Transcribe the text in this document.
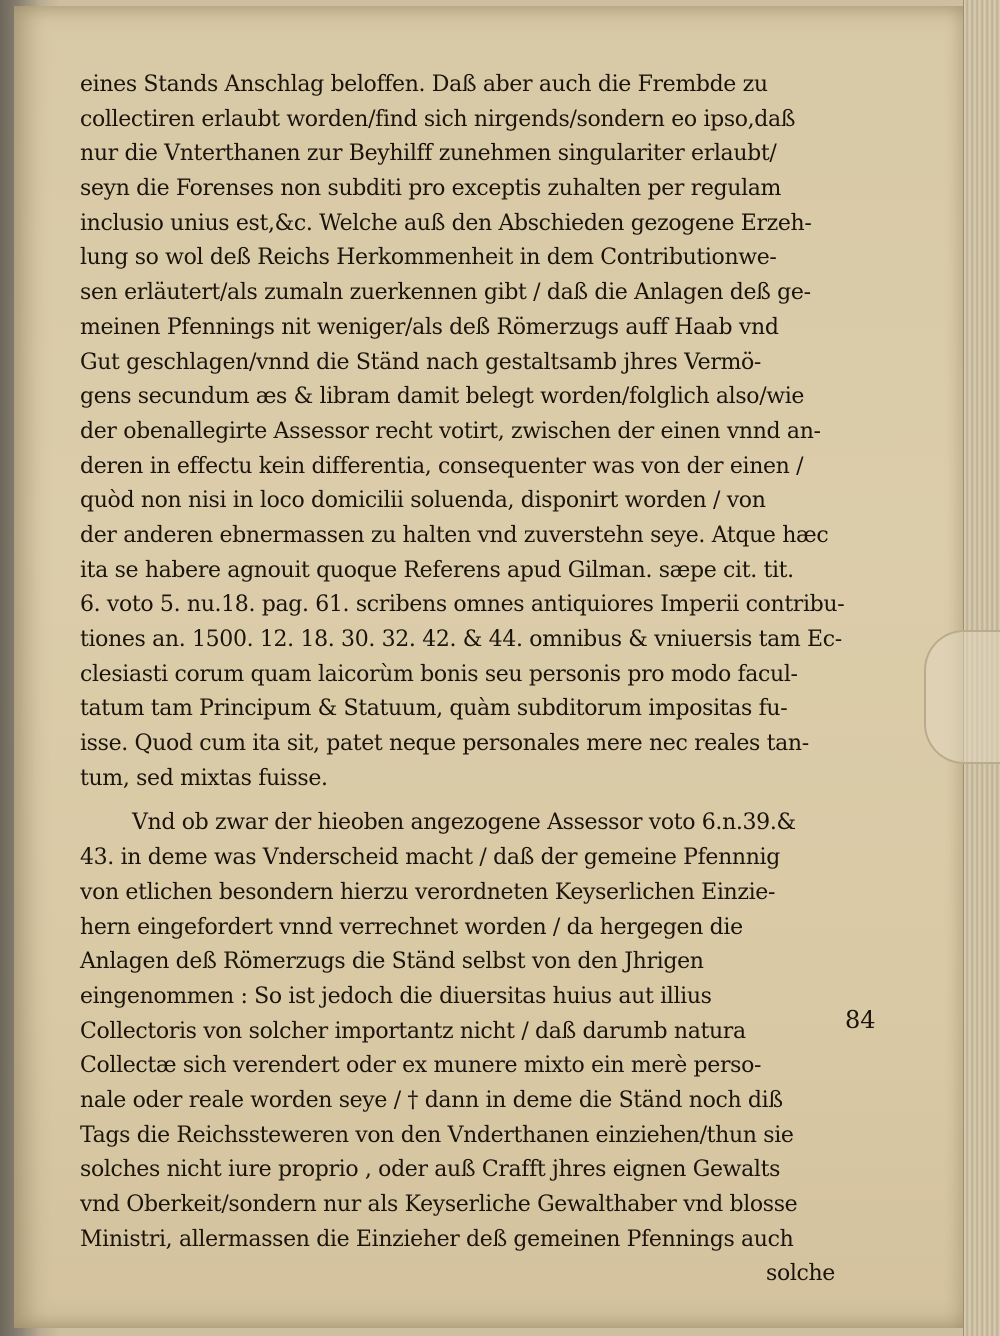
eines Stands Anschlag beloffen. Daß aber auch die Frembde zu
collectiren erlaubt worden/find sich nirgends/sondern eo ipso,daß
nur die Vnterthanen zur Beyhilff zunehmen singulariter erlaubt/
seyn die Forenses non subditi pro exceptis zuhalten per regulam
inclusio unius est,&c. Welche auß den Abschieden gezogene Erzeh-
lung so wol deß Reichs Herkommenheit in dem Contributionwe-
sen erläutert/als zumaln zuerkennen gibt / daß die Anlagen deß ge-
meinen Pfennings nit weniger/als deß Römerzugs auff Haab vnd
Gut geschlagen/vnnd die Ständ nach gestaltsamb jhres Vermö-
gens secundum æs & libram damit belegt worden/folglich also/wie
der obenallegirte Assessor recht votirt, zwischen der einen vnnd an-
deren in effectu kein differentia, consequenter was von der einen /
quòd non nisi in loco domicilii soluenda, disponirt worden / von
der anderen ebnermassen zu halten vnd zuverstehn seye. Atque hæc
ita se habere agnouit quoque Referens apud Gilman. sæpe cit. tit.
6. voto 5. nu.18. pag. 61. scribens omnes antiquiores Imperii contribu-
tiones an. 1500. 12. 18. 30. 32. 42. & 44. omnibus & vniuersis tam Ec-
clesiasti corum quam laicorùm bonis seu personis pro modo facul-
tatum tam Principum & Statuum, quàm subditorum impositas fu-
isse. Quod cum ita sit, patet neque personales mere nec reales tan-
tum, sed mixtas fuisse.
Vnd ob zwar der hieoben angezogene Assessor voto 6.n.39.&
43. in deme was Vnderscheid macht / daß der gemeine Pfennnig
von etlichen besondern hierzu verordneten Keyserlichen Einzie-
hern eingefordert vnnd verrechnet worden / da hergegen die
Anlagen deß Römerzugs die Ständ selbst von den Jhrigen
eingenommen : So ist jedoch die diuersitas huius aut illius
Collectoris von solcher importantz nicht / daß darumb natura
Collectæ sich verendert oder ex munere mixto ein merè perso-
nale oder reale worden seye / † dann in deme die Ständ noch diß
Tags die Reichssteweren von den Vnderthanen einziehen/thun sie
solches nicht iure proprio , oder auß Crafft jhres eignen Gewalts
vnd Oberkeit/sondern nur als Keyserliche Gewalthaber vnd blosse
Ministri, allermassen die Einzieher deß gemeinen Pfennings auch
solche
84
